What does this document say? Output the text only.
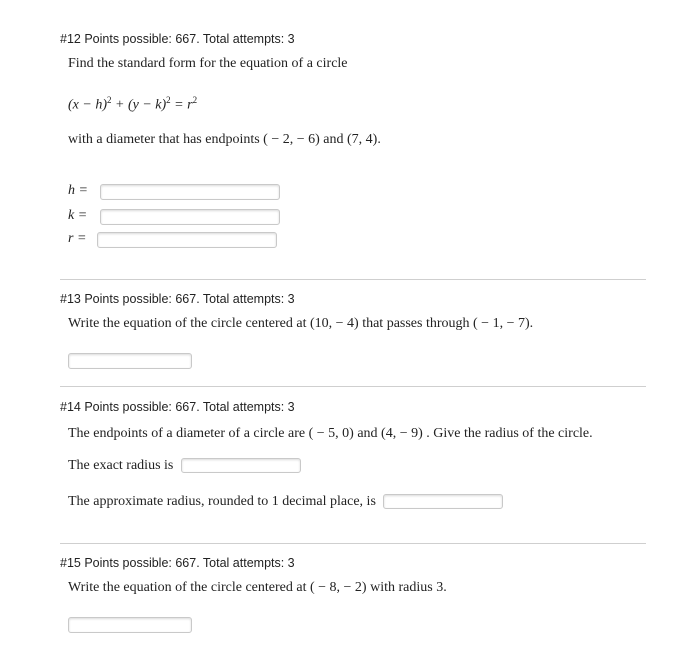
#12 Points possible: 667. Total attempts: 3
Find the standard form for the equation of a circle
$(x - h)^2 + (y - k)^2 = r^2$
with a diameter that has endpoints ( − 2, − 6) and (7, 4).
h =
k =
r =
#13 Points possible: 667. Total attempts: 3
Write the equation of the circle centered at (10, − 4) that passes through ( − 1, − 7).
#14 Points possible: 667. Total attempts: 3
The endpoints of a diameter of a circle are ( − 5, 0) and (4, − 9) . Give the radius of the circle.
The exact radius is
The approximate radius, rounded to 1 decimal place, is
#15 Points possible: 667. Total attempts: 3
Write the equation of the circle centered at ( − 8, − 2) with radius 3.
